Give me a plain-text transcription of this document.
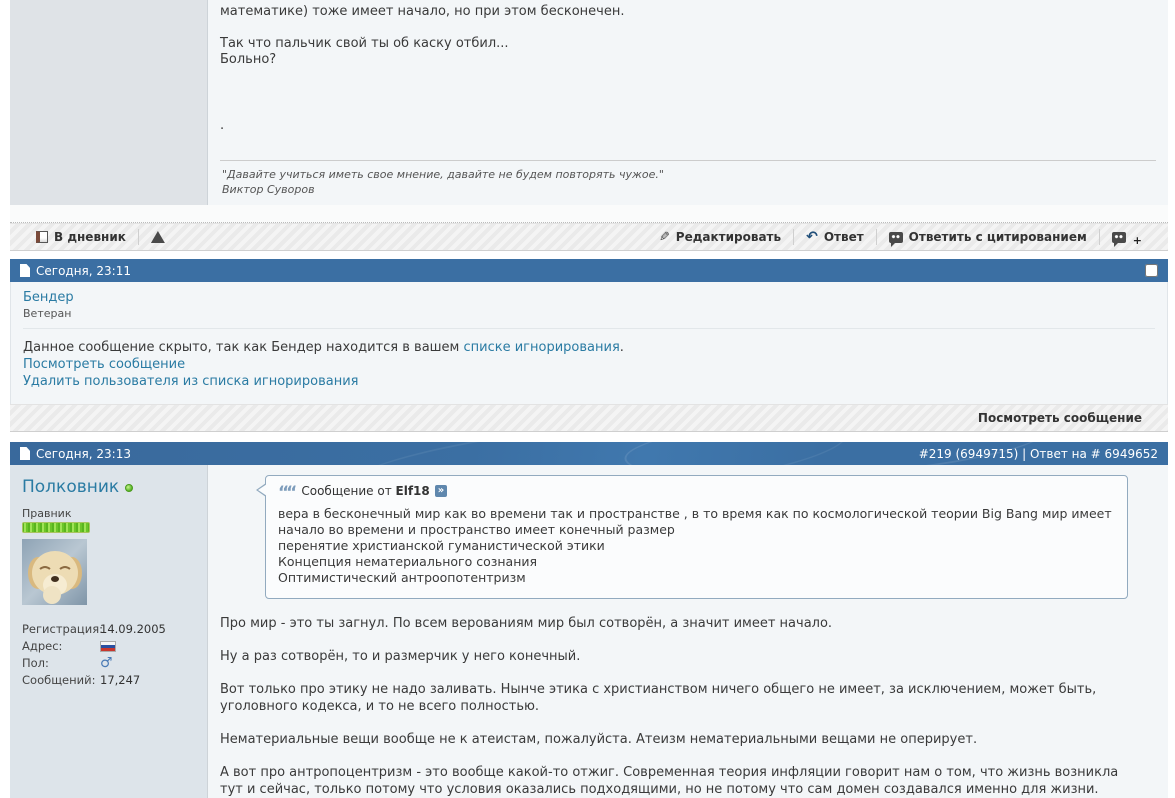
математике) тоже имеет начало, но при этом бесконечен.
Так что пальчик свой ты об каску отбил...
Больно?
.
"Давайте учиться иметь свое мнение, давайте не будем повторять чужое."
Виктор Суворов
В дневник	✎ Редактировать ↶ Ответ	Ответить с цитированием	+
Сегодня, 23:11
Бендер
Ветеран
Данное сообщение скрыто, так как Бендер находится в вашем списке игнорирования.
Посмотреть сообщение
Удалить пользователя из списка игнорирования
Посмотреть сообщение
Сегодня, 23:13	#219 (6949715) | Ответ на # 6949652
Полковник
Правник
Регистрация:
14.09.2005
Адрес:
Пол:	♂
Сообщений: 17,247
““ Сообщение от
Elf18 »
вера в бесконечный мир как во времени так и пространстве , в то время как по космологической теории Big Bang мир имеет начало во времени и пространство имеет конечный размер
перенятие христианской гуманистической этики
Концепция нематериального сознания
Оптимистический антроопотентризм
Про мир - это ты загнул. По всем верованиям мир был сотворён, а значит имеет начало.
Ну а раз сотворён, то и размерчик у него конечный.
Вот только про этику не надо заливать. Нынче этика с христианством ничего общего не имеет, за исключением, может быть, уголовного кодекса, и то не всего полностью.
Нематериальные вещи вообще не к атеистам, пожалуйста. Атеизм нематериальными вещами не оперирует.
А вот про антропоцентризм - это вообще какой-то отжиг. Современная теория инфляции говорит нам о том, что жизнь возникла тут и сейчас, только потому что условия оказались подходящими, но не потому что сам домен создавался именно для жизни.
